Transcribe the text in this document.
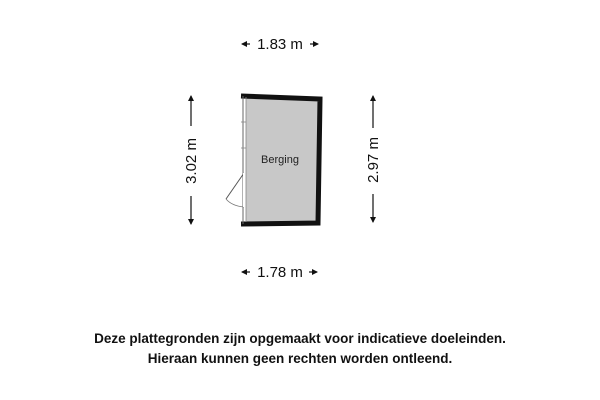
1.83 m
1.78 m
3.02 m	2.97 m
Berging
Deze plattegronden zijn opgemaakt voor indicatieve doeleinden.
Hieraan kunnen geen rechten worden ontleend.
